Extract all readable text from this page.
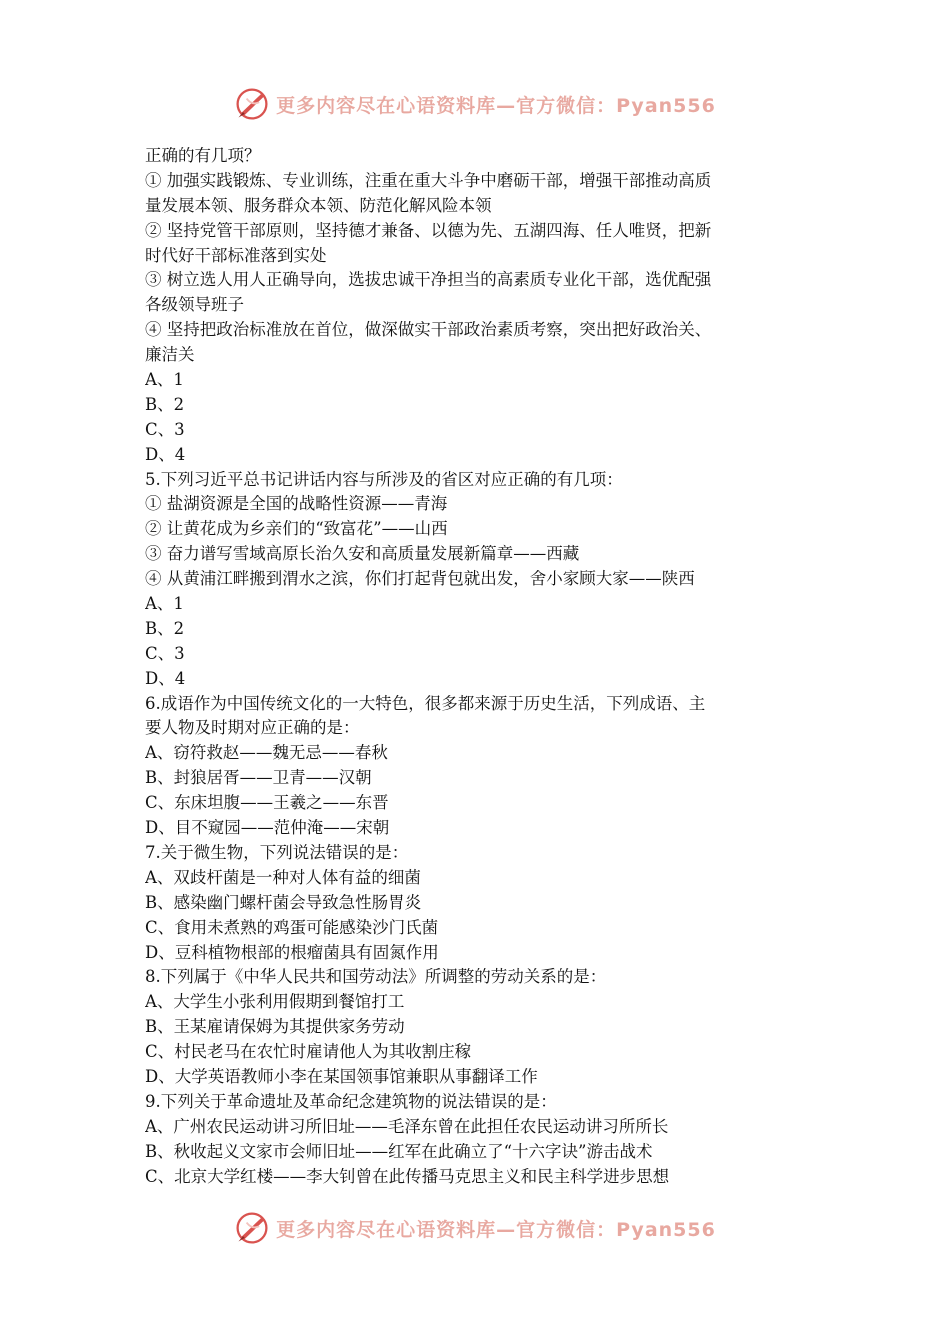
更多内容尽在心语资料库—官方微信：Pyan556
正确的有几项？
① 加强实践锻炼、专业训练，注重在重大斗争中磨砺干部，增强干部推动高质
量发展本领、服务群众本领、防范化解风险本领
② 坚持党管干部原则，坚持德才兼备、以德为先、五湖四海、任人唯贤，把新
时代好干部标准落到实处
③ 树立选人用人正确导向，选拔忠诚干净担当的高素质专业化干部，选优配强
各级领导班子
④ 坚持把政治标准放在首位，做深做实干部政治素质考察，突出把好政治关、
廉洁关
A、1
B、2
C、3
D、4
5.下列习近平总书记讲话内容与所涉及的省区对应正确的有几项：
① 盐湖资源是全国的战略性资源——青海
② 让黄花成为乡亲们的“致富花”——山西
③ 奋力谱写雪域高原长治久安和高质量发展新篇章——西藏
④ 从黄浦江畔搬到渭水之滨，你们打起背包就出发，舍小家顾大家——陕西
A、1
B、2
C、3
D、4
6.成语作为中国传统文化的一大特色，很多都来源于历史生活，下列成语、主
要人物及时期对应正确的是：
A、窃符救赵——魏无忌——春秋
B、封狼居胥——卫青——汉朝
C、东床坦腹——王羲之——东晋
D、目不窥园——范仲淹——宋朝
7.关于微生物，下列说法错误的是：
A、双歧杆菌是一种对人体有益的细菌
B、感染幽门螺杆菌会导致急性肠胃炎
C、食用未煮熟的鸡蛋可能感染沙门氏菌
D、豆科植物根部的根瘤菌具有固氮作用
8.下列属于《中华人民共和国劳动法》所调整的劳动关系的是：
A、大学生小张利用假期到餐馆打工
B、王某雇请保姆为其提供家务劳动
C、村民老马在农忙时雇请他人为其收割庄稼
D、大学英语教师小李在某国领事馆兼职从事翻译工作
9.下列关于革命遗址及革命纪念建筑物的说法错误的是：
A、广州农民运动讲习所旧址——毛泽东曾在此担任农民运动讲习所所长
B、秋收起义文家市会师旧址——红军在此确立了“十六字诀”游击战术
C、北京大学红楼——李大钊曾在此传播马克思主义和民主科学进步思想
更多内容尽在心语资料库—官方微信：Pyan556
